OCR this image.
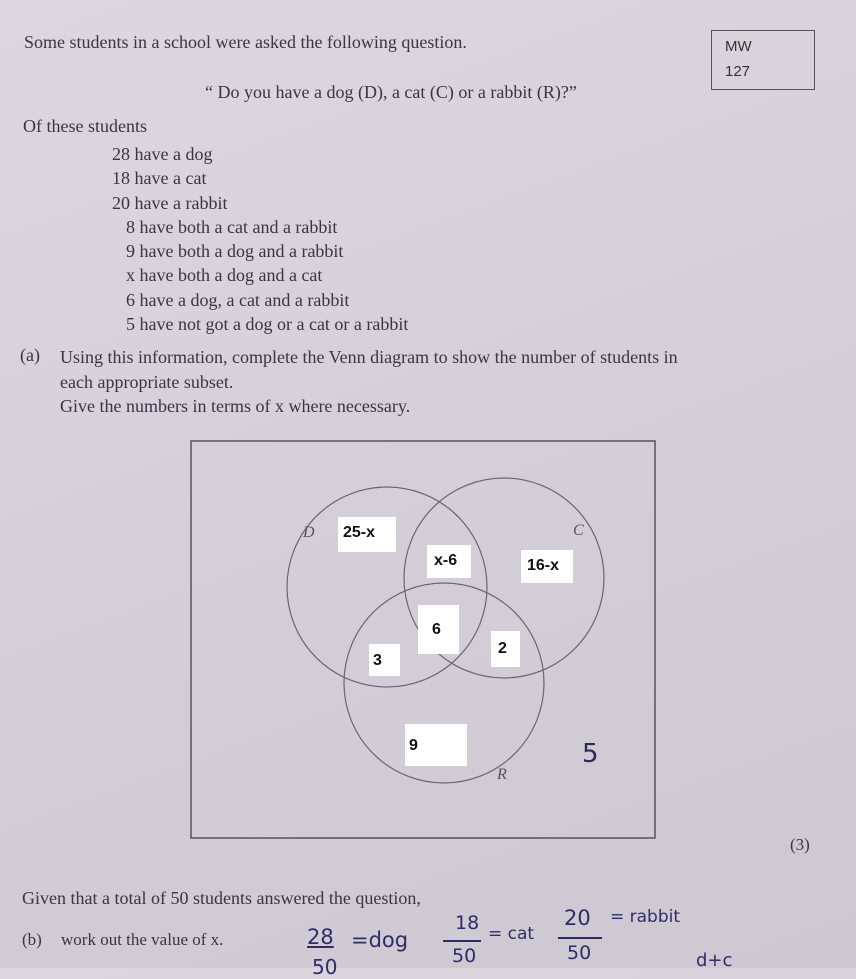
Some students in a school were asked the following question.
“ Do you have a dog (D), a cat (C) or a rabbit (R)?”
MW
127
Of these students
28 have a dog
18 have a cat
20 have a rabbit
8 have both a cat and a rabbit
9 have both a dog and a rabbit
x have both a dog and a cat
6 have a dog, a cat and a rabbit
5 have not got a dog or a cat or a rabbit
(a) Using this information, complete the Venn diagram to show the number of students in
each appropriate subset.
Give the numbers in terms of x where necessary.
D	C
R
25-x
x-6	16-x
6
2
3
9	5
(3)
Given that a total of 50 students answered the question,
(b) work out the value of x.	28
50
=dog
18
50
= cat
20
50
= rabbit
d+c
